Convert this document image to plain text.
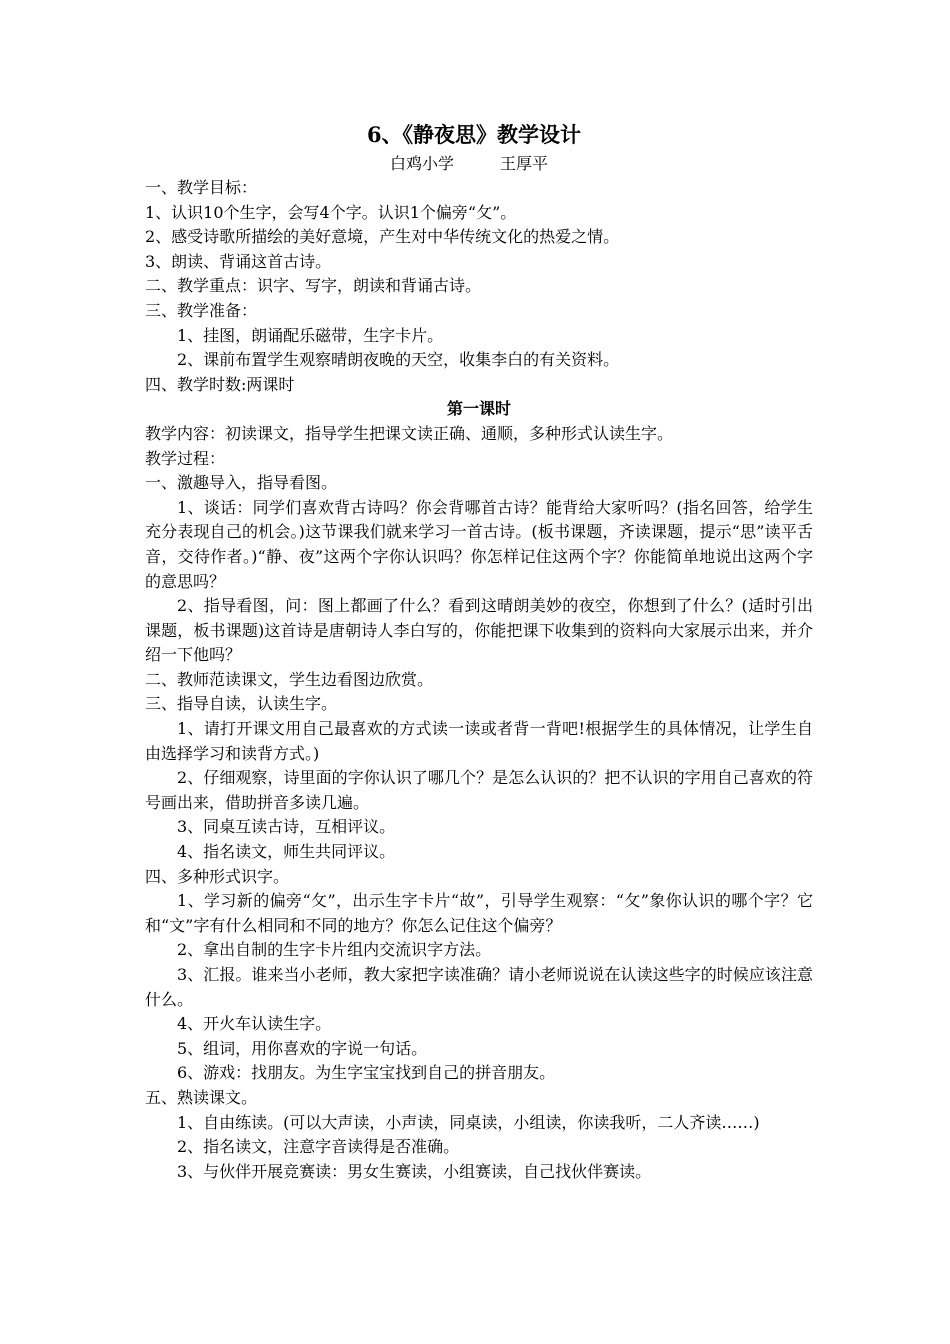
6、《静夜思》教学设计
白鸡小学	王厚平
一、教学目标：
1、认识10个生字，会写4个字。认识1个偏旁“攵”。
2、感受诗歌所描绘的美好意境，产生对中华传统文化的热爱之情。
3、朗读、背诵这首古诗。
二、教学重点：识字、写字，朗读和背诵古诗。
三、教学准备：
1、挂图，朗诵配乐磁带，生字卡片。
2、课前布置学生观察晴朗夜晚的天空，收集李白的有关资料。
四、教学时数:两课时
第一课时
教学内容：初读课文，指导学生把课文读正确、通顺，多种形式认读生字。
教学过程：
一、激趣导入，指导看图。
1、谈话：同学们喜欢背古诗吗？你会背哪首古诗？能背给大家听吗？(指名回答，给学生充分表现自己的机会。)这节课我们就来学习一首古诗。(板书课题，齐读课题，提示“思”读平舌音，交待作者。)“静、夜”这两个字你认识吗？你怎样记住这两个字？你能简单地说出这两个字的意思吗？
2、指导看图，问：图上都画了什么？看到这晴朗美妙的夜空，你想到了什么？(适时引出课题，板书课题)这首诗是唐朝诗人李白写的，你能把课下收集到的资料向大家展示出来，并介绍一下他吗？
二、教师范读课文，学生边看图边欣赏。
三、指导自读，认读生字。
1、请打开课文用自己最喜欢的方式读一读或者背一背吧!根据学生的具体情况，让学生自由选择学习和读背方式。)
2、仔细观察，诗里面的字你认识了哪几个？是怎么认识的？把不认识的字用自己喜欢的符号画出来，借助拼音多读几遍。
3、同桌互读古诗，互相评议。
4、指名读文，师生共同评议。
四、多种形式识字。
1、学习新的偏旁“攵”，出示生字卡片“故”，引导学生观察：“攵”象你认识的哪个字？它和“文”字有什么相同和不同的地方？你怎么记住这个偏旁？
2、拿出自制的生字卡片组内交流识字方法。
3、汇报。谁来当小老师，教大家把字读准确？请小老师说说在认读这些字的时候应该注意什么。
4、开火车认读生字。
5、组词，用你喜欢的字说一句话。
6、游戏：找朋友。为生字宝宝找到自己的拼音朋友。
五、熟读课文。
1、自由练读。(可以大声读，小声读，同桌读，小组读，你读我听，二人齐读……)
2、指名读文，注意字音读得是否准确。
3、与伙伴开展竞赛读：男女生赛读，小组赛读，自己找伙伴赛读。
